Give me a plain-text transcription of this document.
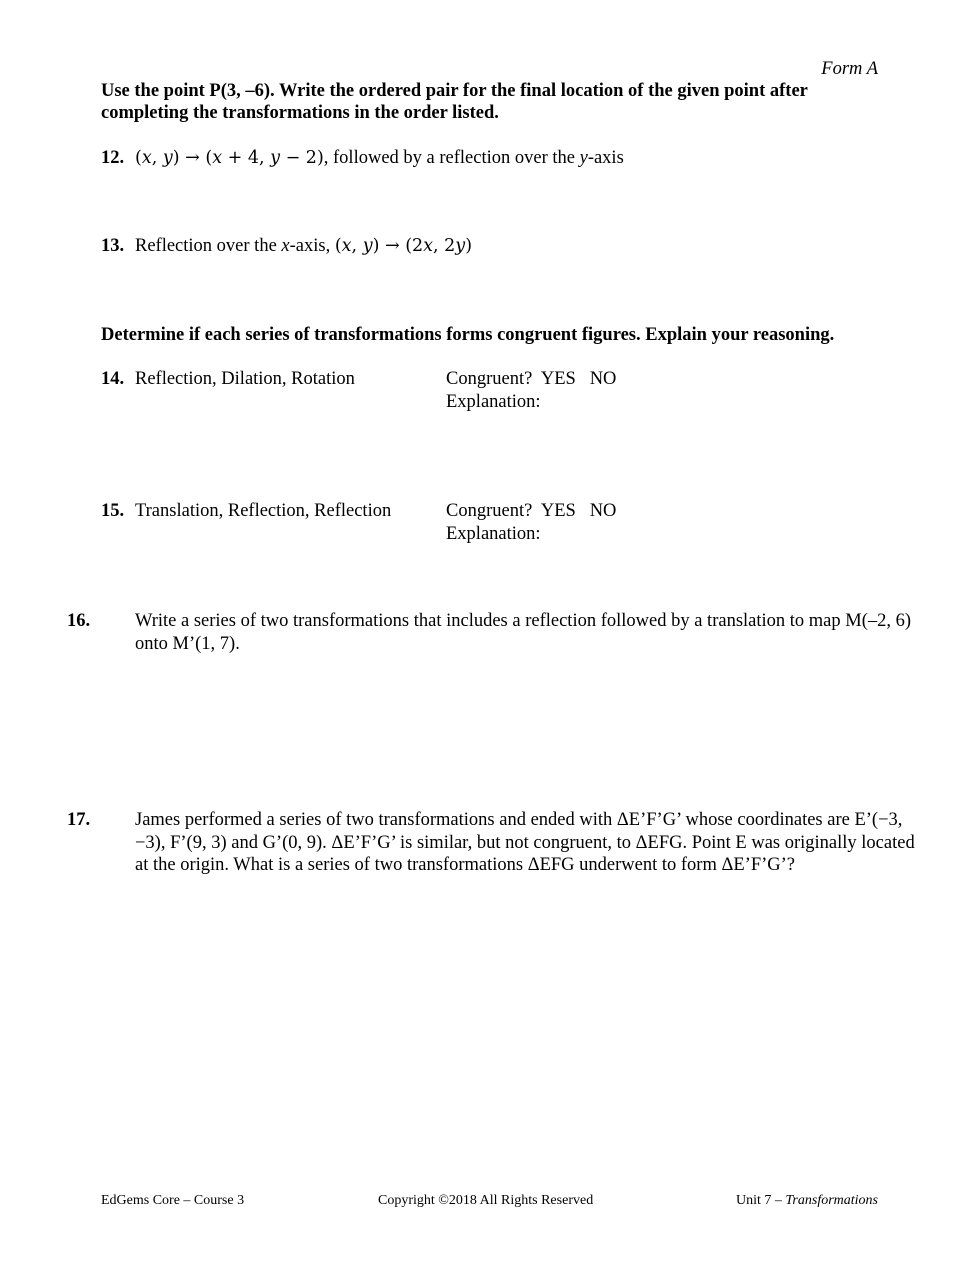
Form A
Use the point P(3, –6). Write the ordered pair for the final location of the given point after completing the transformations in the order listed.
12. (x, y) → (x + 4, y − 2), followed by a reflection over the y-axis
13. Reflection over the x-axis, (x, y) → (2x, 2y)
Determine if each series of transformations forms congruent figures. Explain your reasoning.
14. Reflection, Dilation, Rotation	Congruent?  YES   NO
Explanation:
15. Translation, Reflection, Reflection	Congruent?  YES   NO
Explanation:
16. Write a series of two transformations that includes a reflection followed by a translation to map M(–2, 6) onto M’(1, 7).
17. James performed a series of two transformations and ended with ΔE’F’G’ whose coordinates are E’(−3, −3), F’(9, 3) and G’(0, 9). ΔE’F’G’ is similar, but not congruent, to ΔEFG. Point E was originally located at the origin. What is a series of two transformations ΔEFG underwent to form ΔE’F’G’?
EdGems Core – Course 3	Copyright ©2018 All Rights Reserved	Unit 7 – Transformations
